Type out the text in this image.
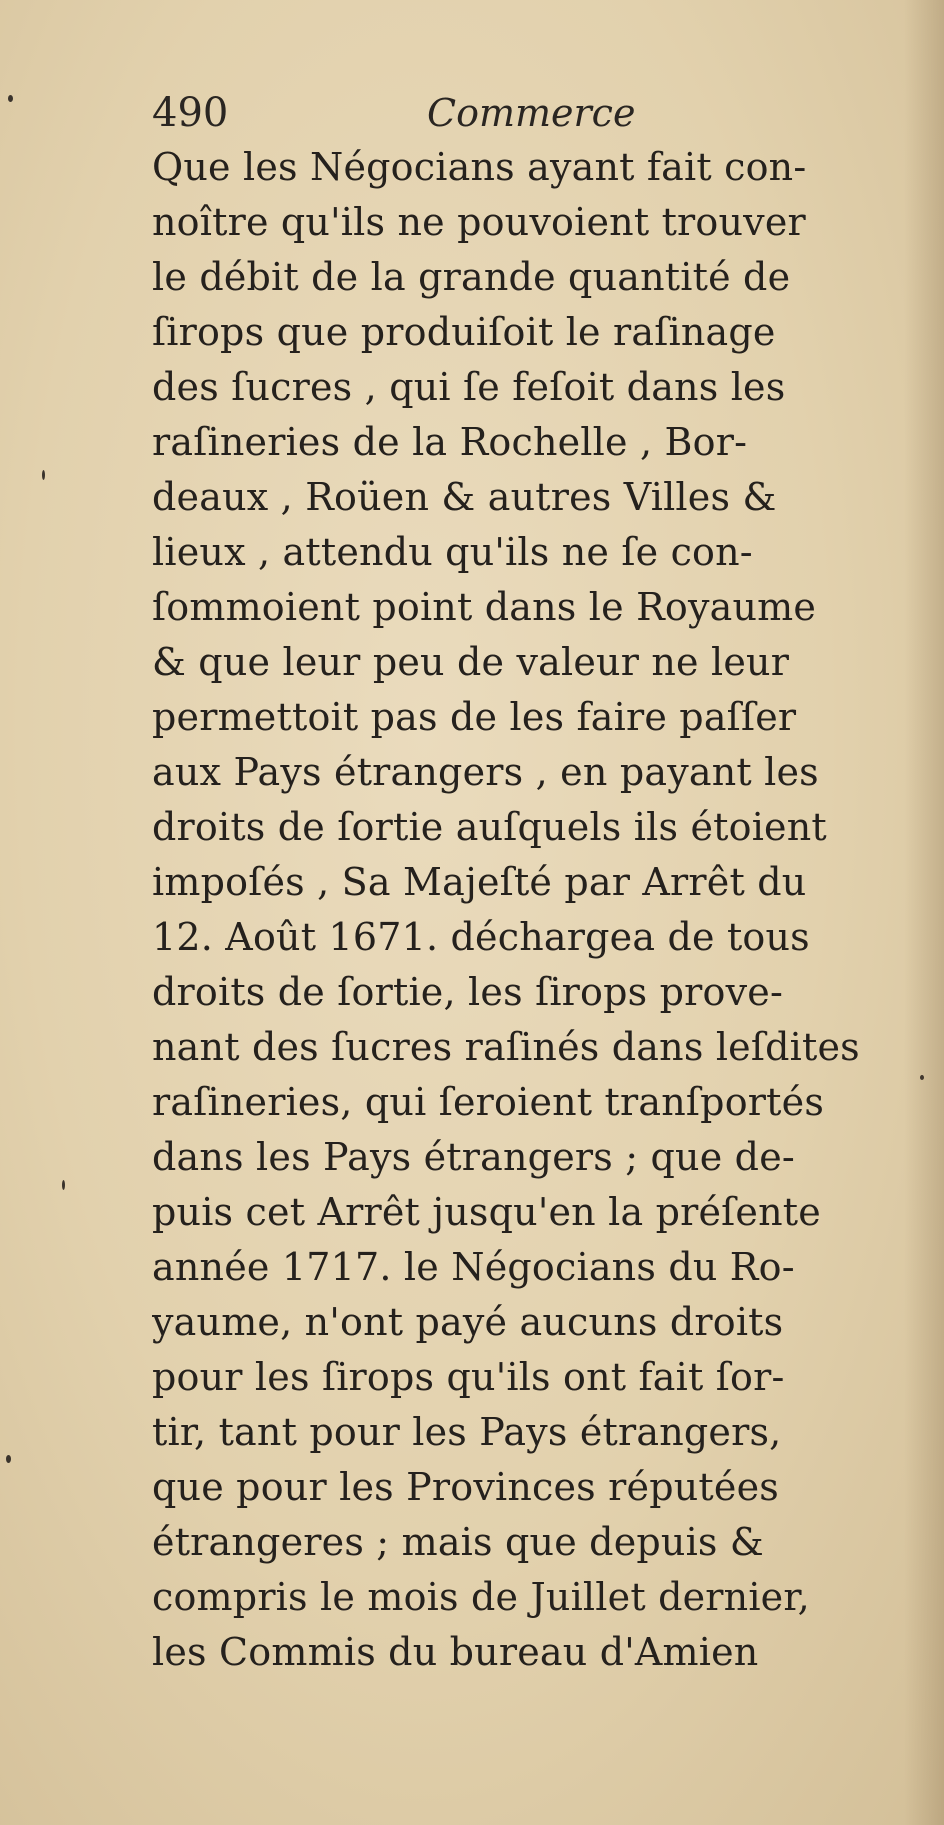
490	Commerce
Que les Négocians ayant fait con-
noître qu'ils ne pouvoient trouver
le débit de la grande quantité de
ſirops que produiſoit le raſinage
des ſucres , qui ſe feſoit dans les
raſineries de la Rochelle , Bor-
deaux , Roüen & autres Villes &
lieux , attendu qu'ils ne ſe con-
ſommoient point dans le Royaume
& que leur peu de valeur ne leur
permettoit pas de les faire paſſer
aux Pays étrangers , en payant les
droits de ſortie auſquels ils étoient
impoſés , Sa Majeſté par Arrêt du
12. Août 1671. déchargea de tous
droits de ſortie, les ſirops prove-
nant des ſucres raſinés dans leſdites
raſineries, qui ſeroient tranſportés
dans les Pays étrangers ; que de-
puis cet Arrêt jusqu'en la préſente
année 1717. le Négocians du Ro-
yaume, n'ont payé aucuns droits
pour les ſirops qu'ils ont fait ſor-
tir, tant pour les Pays étrangers,
que pour les Provinces réputées
étrangeres ; mais que depuis &
compris le mois de Juillet dernier,
les Commis du bureau d'Amien
